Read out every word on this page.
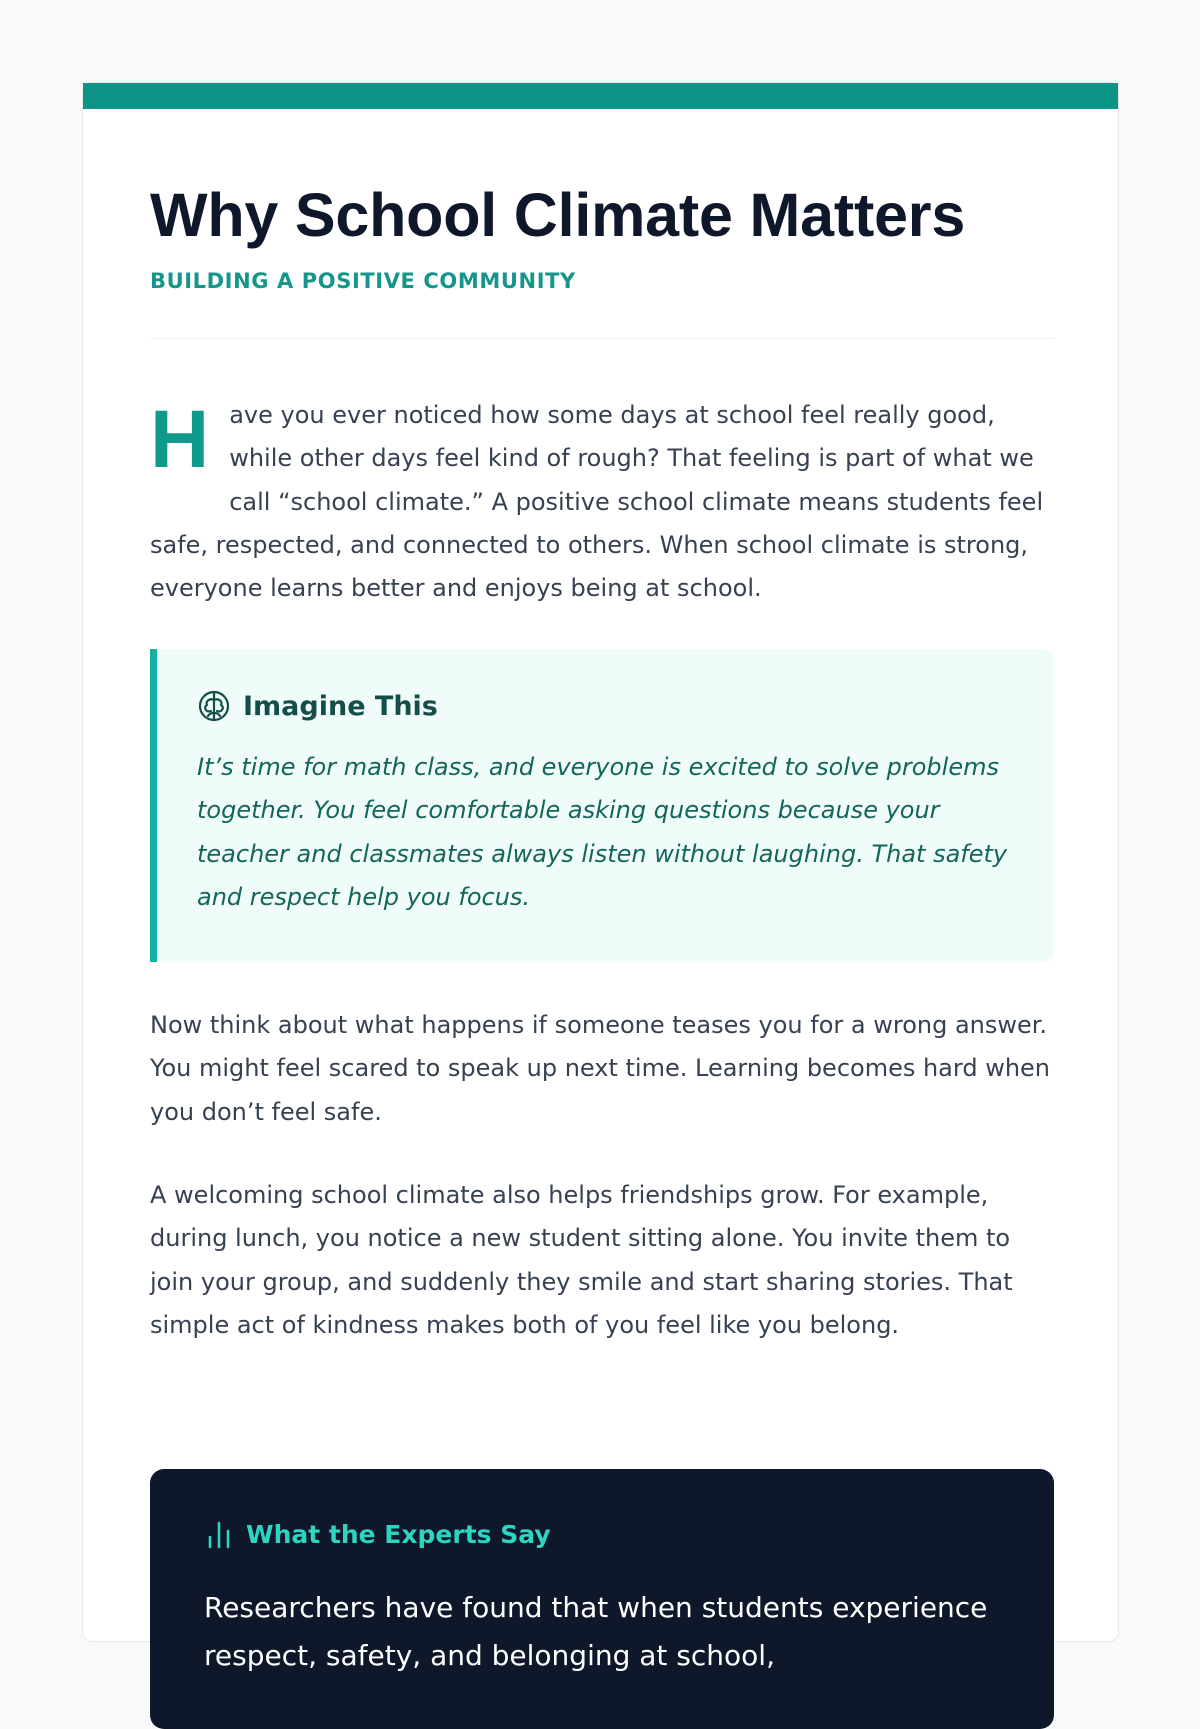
Why School Climate Matters
BUILDING A POSITIVE COMMUNITY

Have you ever noticed how some days at school feel really good, while other days feel kind of rough? That feeling is part of what we call “school climate.” A positive school climate means students feel safe, respected, and connected to others. When school climate is strong, everyone learns better and enjoys being at school.

Imagine This

It’s time for math class, and everyone is excited to solve problems together. You feel comfortable asking questions because your teacher and classmates always listen without laughing. That safety and respect help you focus.

Now think about what happens if someone teases you for a wrong answer. You might feel scared to speak up next time. Learning becomes hard when you don’t feel safe.

A welcoming school climate also helps friendships grow. For example, during lunch, you notice a new student sitting alone. You invite them to join your group, and suddenly they smile and start sharing stories. That simple act of kindness makes both of you feel like you belong.

What the Experts Say

Researchers have found that when students experience respect, safety, and belonging at school,
